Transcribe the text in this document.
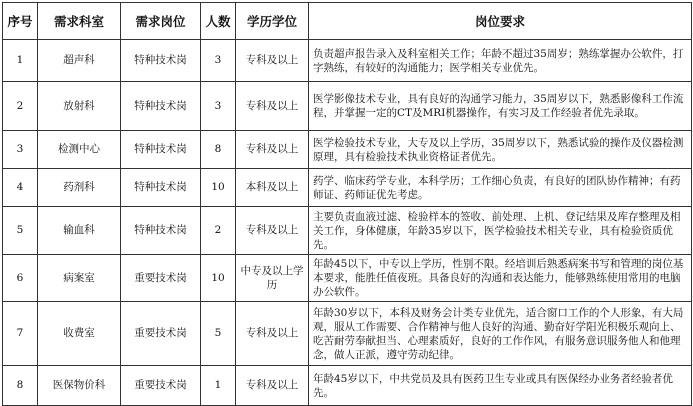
序号	需求科室	需求岗位	人数	学历学位	岗位要求
1	超声科	特种技术岗	3	专科及以上	负责超声报告录入及科室相关工作；年龄不超过35周岁；熟练掌握办公软件，打字熟练，有较好的沟通能力；医学相关专业优先。
2	放射科	特种技术岗	3	专科及以上	医学影像技术专业，具有良好的沟通学习能力，35周岁以下，熟悉影像科工作流程，并掌握一定的CT及MRI机器操作，有实习及工作经验者优先录取。
3	检测中心	特种技术岗	8	专科及以上	医学检验技术专业，大专及以上学历，35周岁以下，熟悉试验的操作及仪器检测原理，具有检验技术执业资格证者优先。
4	药剂科	特种技术岗	10	本科及以上	药学、临床药学专业，本科学历；工作细心负责，有良好的团队协作精神；有药师证、药师证优先考虑。
5	输血科	特种技术岗	2	专科及以上	主要负责血液过滤、检验样本的签收、前处理、上机、登记结果及库存整理及相关工作，身体健康，年龄35岁以下，医学检验技术相关专业，具有检验资质优先。
6	病案室	重要技术岗	10	中专及以上学历	年龄45以下，中专以上学历，性别不限。经培训后熟悉病案书写和管理的岗位基本要求，能胜任值夜班。具备良好的沟通和表达能力，能够熟练使用常用的电脑办公软件。
7	收费室	重要技术岗	5	专科及以上	年龄30岁以下，本科及财务会计类专业优先，适合窗口工作的个人形象，有大局观，服从工作需要、合作精神与他人良好的沟通、勤奋好学阳光积极乐观向上、吃苦耐劳奉献担当、心理素质好，良好的工作作风，有服务意识服务他人和他理念，做人正派，遵守劳动纪律。
8	医保物价科	重要技术岗	1	专科及以上	年龄45岁以下，中共党员及具有医药卫生专业或具有医保经办业务者经验者优先。
